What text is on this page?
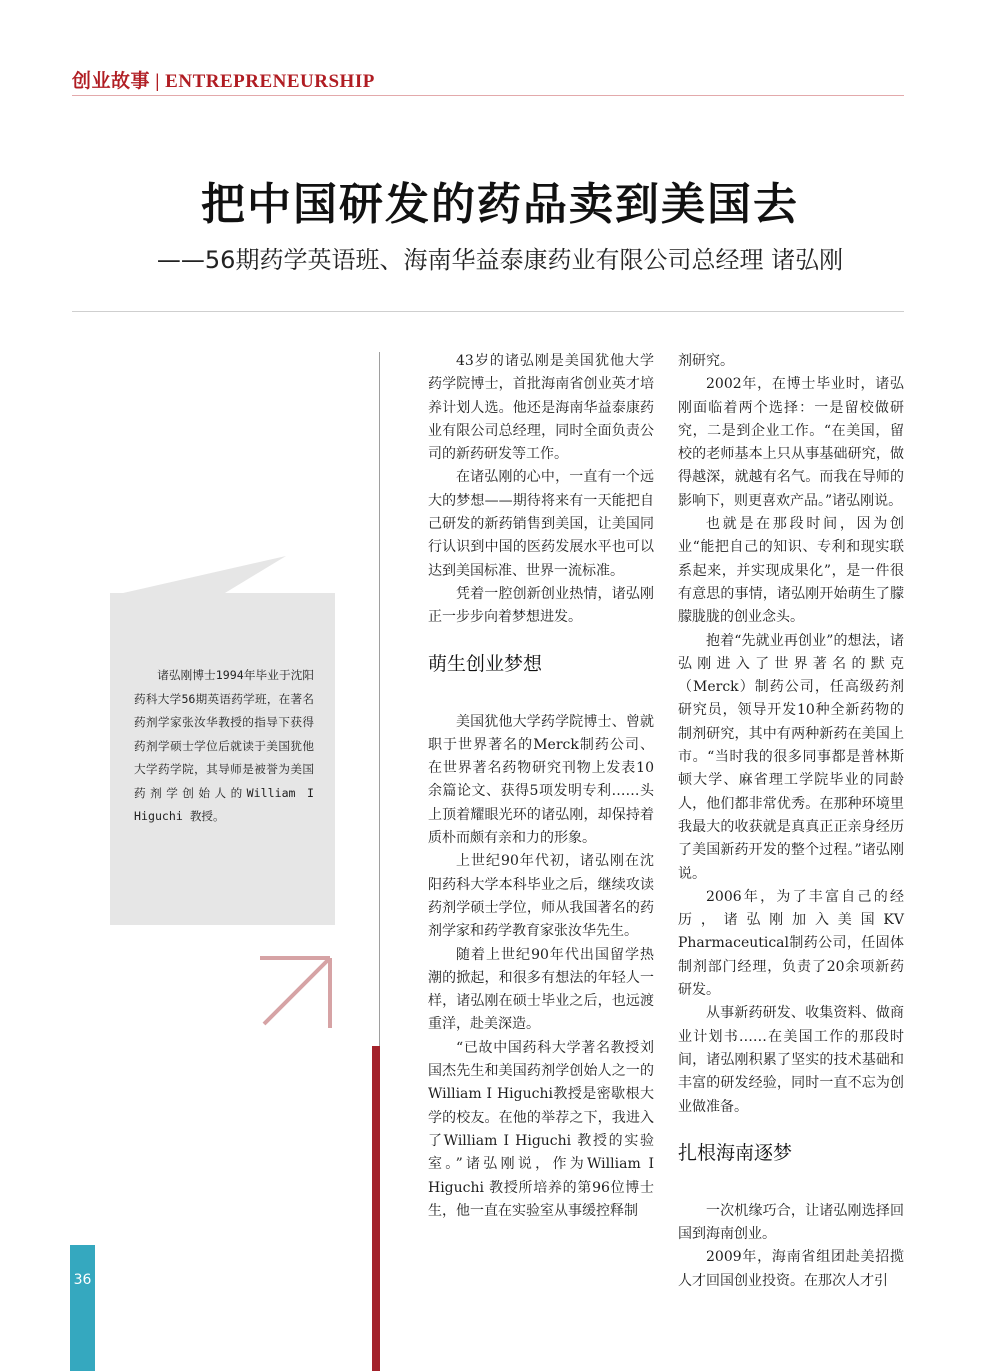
创业故事 | ENTREPRENEURSHIP
把中国研发的药品卖到美国去
——56期药学英语班、海南华益泰康药业有限公司总经理 诸弘刚
诸弘刚博士1994年毕业于沈阳药科大学56期英语药学班，在著名药剂学家张汝华教授的指导下获得药剂学硕士学位后就读于美国犹他大学药学院，其导师是被誉为美国药剂学创始人的William I Higuchi 教授。

43岁的诸弘刚是美国犹他大学药学院博士，首批海南省创业英才培养计划人选。他还是海南华益泰康药业有限公司总经理，同时全面负责公司的新药研发等工作。

在诸弘刚的心中，一直有一个远大的梦想——期待将来有一天能把自己研发的新药销售到美国，让美国同行认识到中国的医药发展水平也可以达到美国标准、世界一流标准。

凭着一腔创新创业热情，诸弘刚正一步步向着梦想进发。

萌生创业梦想

美国犹他大学药学院博士、曾就职于世界著名的Merck制药公司、在世界著名药物研究刊物上发表10余篇论文、获得5项发明专利……头上顶着耀眼光环的诸弘刚，却保持着质朴而颇有亲和力的形象。

上世纪90年代初，诸弘刚在沈阳药科大学本科毕业之后，继续攻读药剂学硕士学位，师从我国著名的药剂学家和药学教育家张汝华先生。

随着上世纪90年代出国留学热潮的掀起，和很多有想法的年轻人一样，诸弘刚在硕士毕业之后，也远渡重洋，赴美深造。

“已故中国药科大学著名教授刘国杰先生和美国药剂学创始人之一的William I Higuchi教授是密歇根大学的校友。在他的举荐之下，我进入了William I Higuchi 教授的实验室。”诸弘刚说，作为William I Higuchi 教授所培养的第96位博士生，他一直在实验室从事缓控释制

剂研究。

2002年，在博士毕业时，诸弘刚面临着两个选择：一是留校做研究，二是到企业工作。“在美国，留校的老师基本上只从事基础研究，做得越深，就越有名气。而我在导师的影响下，则更喜欢产品。”诸弘刚说。

也就是在那段时间，因为创业“能把自己的知识、专利和现实联系起来，并实现成果化”，是一件很有意思的事情，诸弘刚开始萌生了朦朦胧胧的创业念头。

抱着“先就业再创业”的想法，诸弘刚进入了世界著名的默克（Merck）制药公司，任高级药剂研究员，领导开发10种全新药物的制剂研究，其中有两种新药在美国上市。“当时我的很多同事都是普林斯顿大学、麻省理工学院毕业的同龄人，他们都非常优秀。在那种环境里我最大的收获就是真真正正亲身经历了美国新药开发的整个过程。”诸弘刚说。

2006年，为了丰富自己的经历，诸弘刚加入美国KV Pharmaceutical制药公司，任固体制剂部门经理，负责了20余项新药研发。

从事新药研发、收集资料、做商业计划书……在美国工作的那段时间，诸弘刚积累了坚实的技术基础和丰富的研发经验，同时一直不忘为创业做准备。

扎根海南逐梦

一次机缘巧合，让诸弘刚选择回国到海南创业。

2009年，海南省组团赴美招揽人才回国创业投资。在那次人才引

36
